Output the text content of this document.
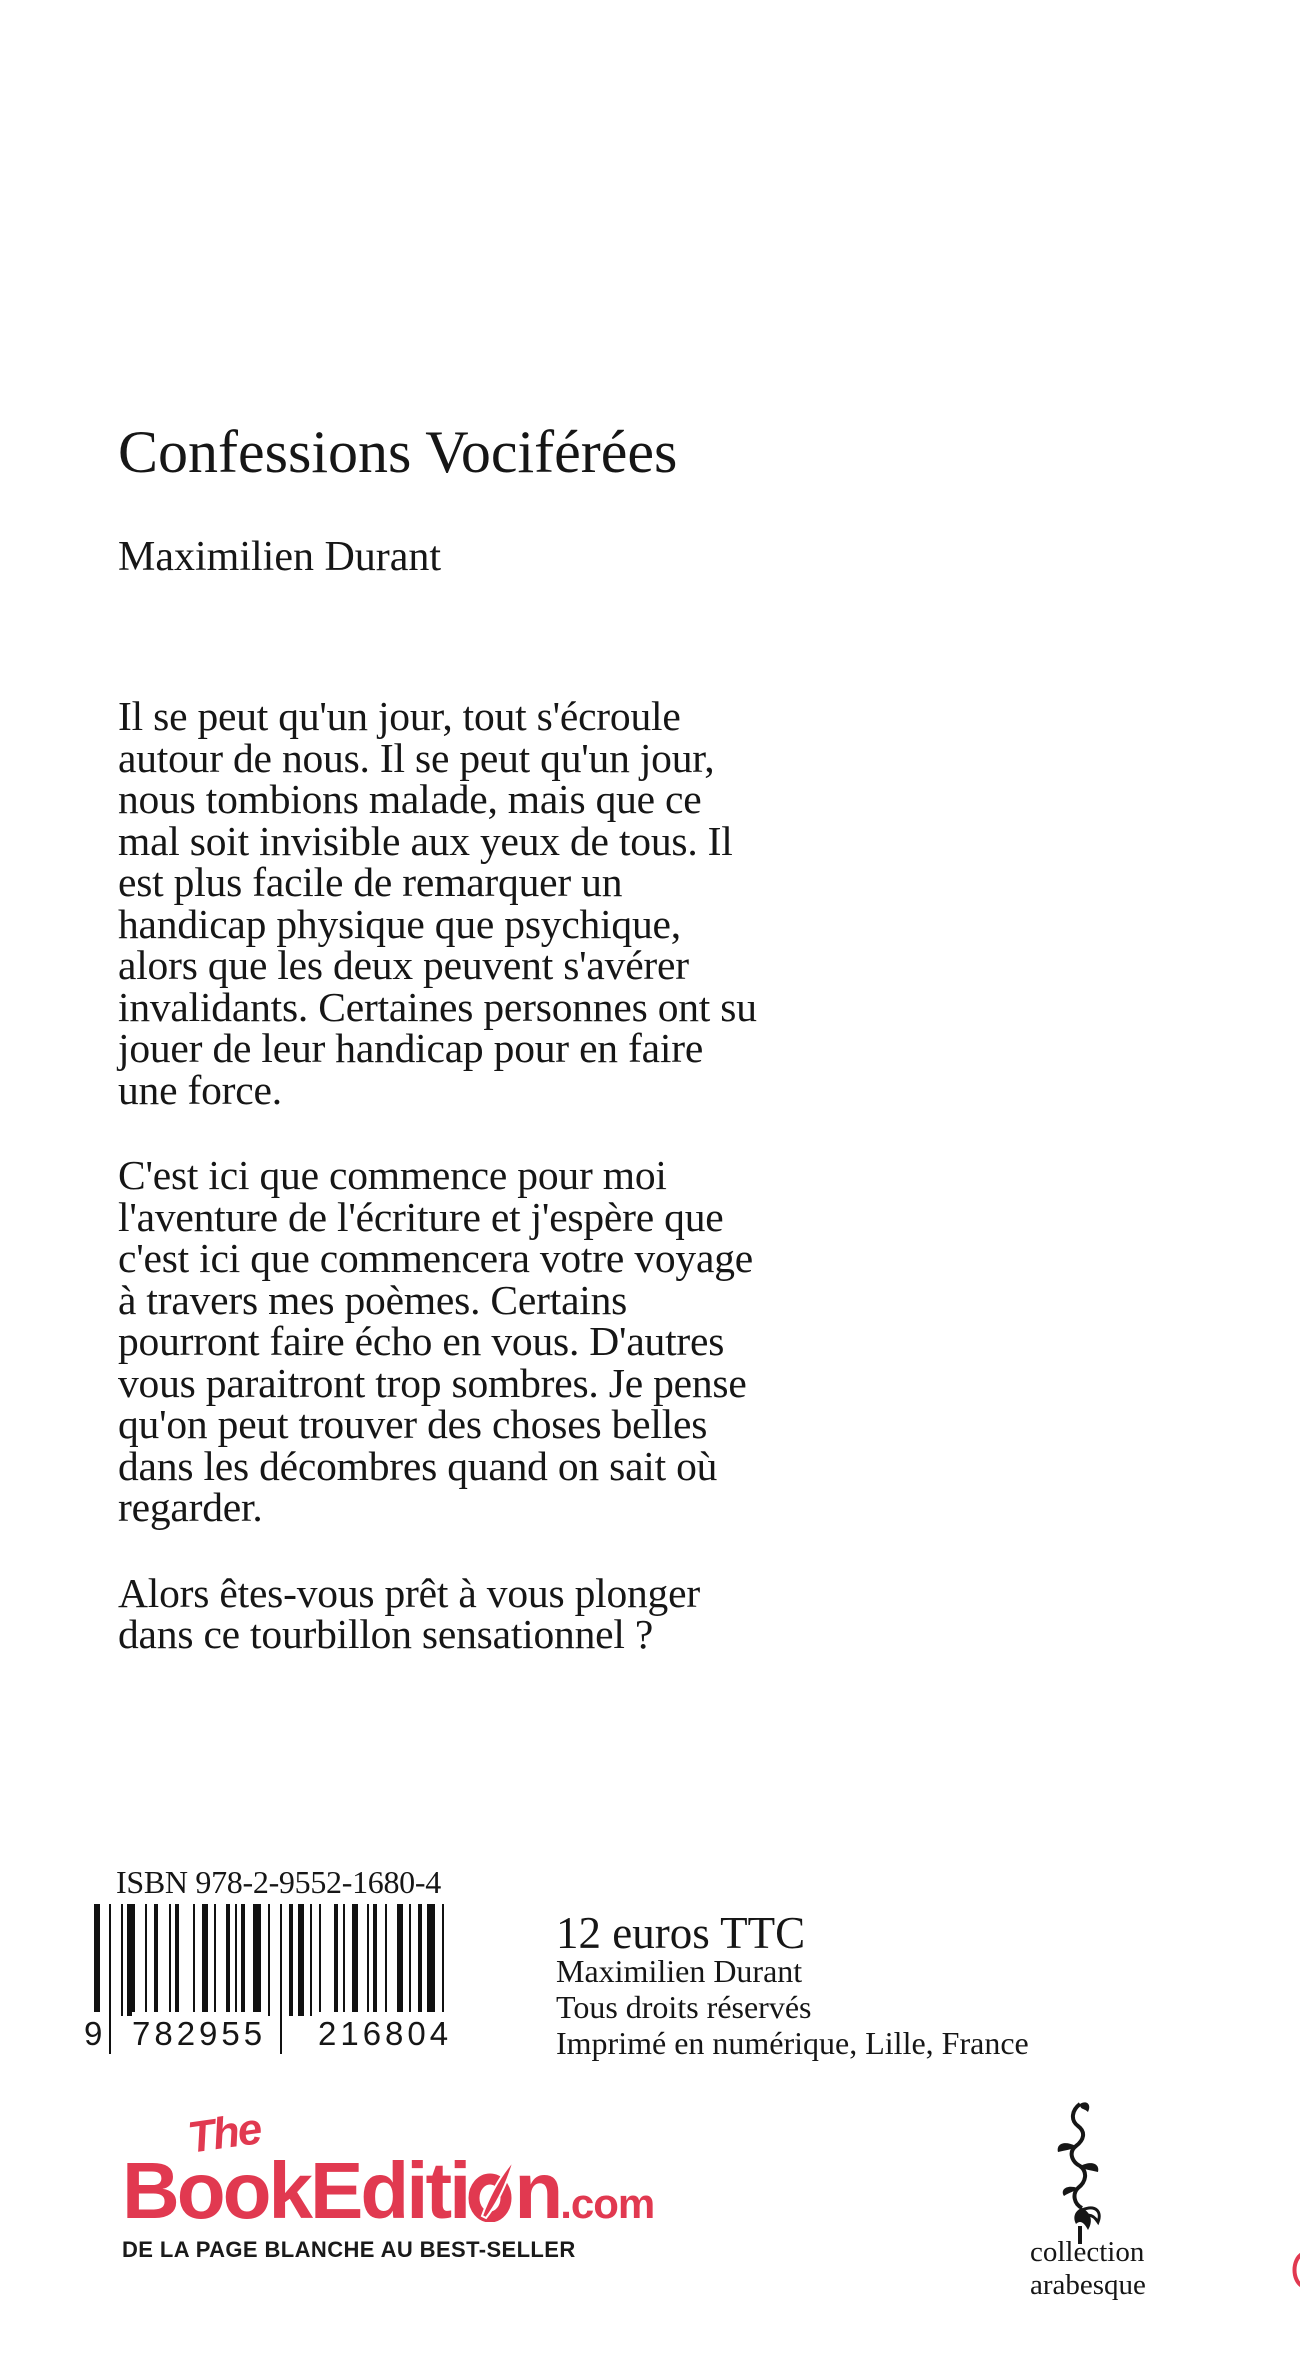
Confessions Vociférées
Maximilien Durant

Il se peut qu'un jour, tout s'écroule
autour de nous. Il se peut qu'un jour,
nous tombions malade, mais que ce
mal soit invisible aux yeux de tous. Il
est plus facile de remarquer un
handicap physique que psychique,
alors que les deux peuvent s'avérer
invalidants. Certaines personnes ont su
jouer de leur handicap pour en faire
une force.

C'est ici que commence pour moi
l'aventure de l'écriture et j'espère que
c'est ici que commencera votre voyage
à travers mes poèmes. Certains
pourront faire écho en vous. D'autres
vous paraitront trop sombres. Je pense
qu'on peut trouver des choses belles
dans les décombres quand on sait où
regarder.

Alors êtes-vous prêt à vous plonger
dans ce tourbillon sensationnel ?

ISBN 978-2-9552-1680-4
9 782955 216804
12 euros TTC
Maximilien Durant
Tous droits réservés
Imprimé en numérique, Lille, France
The
BookEditi n.com
DE LA PAGE BLANCHE AU BEST-SELLER	collection
arabesque
